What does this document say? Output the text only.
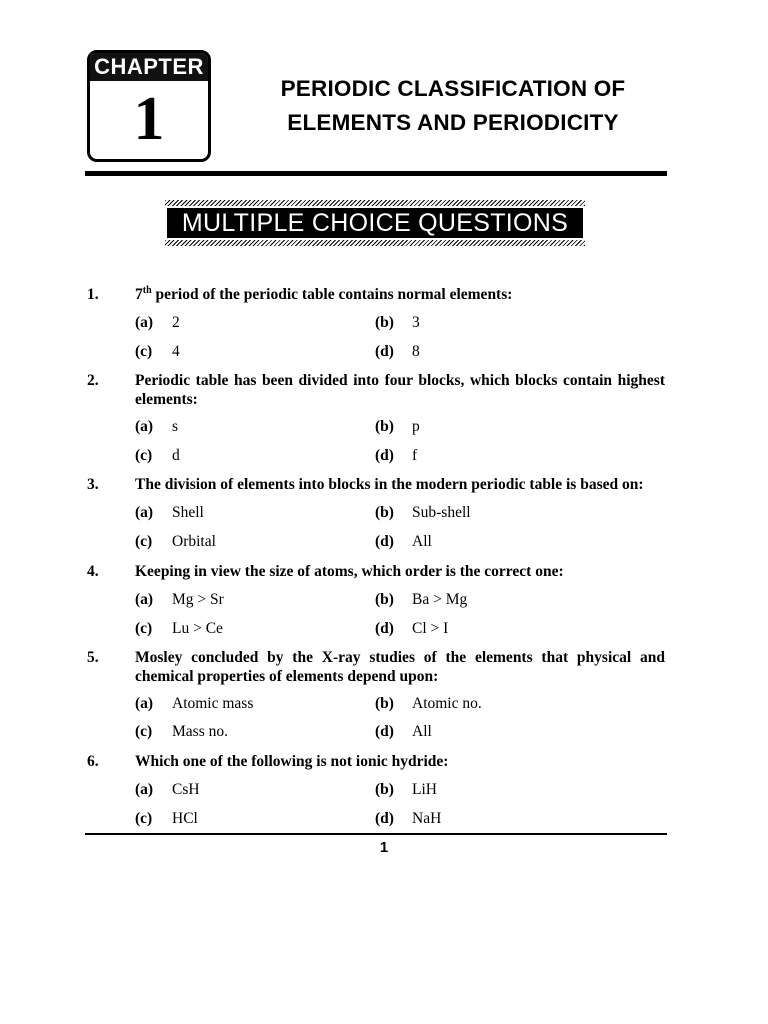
CHAPTER
1	PERIODIC CLASSIFICATION OF
ELEMENTS AND PERIODICITY
MULTIPLE CHOICE QUESTIONS
1. 7th period of the periodic table contains normal elements:
(a) 2	(b) 3
(c) 4	(d) 8
2. Periodic table has been divided into four blocks, which blocks contain highest elements:
(a) s	(b) p
(c) d	(d) f
3. The division of elements into blocks in the modern periodic table is based on:
(a) Shell	(b) Sub-shell
(c) Orbital	(d) All
4. Keeping in view the size of atoms, which order is the correct one:
(a) Mg > Sr	(b) Ba > Mg
(c) Lu > Ce	(d) Cl > I
5. Mosley concluded by the X-ray studies of the elements that physical and chemical properties of elements depend upon:
(a) Atomic mass	(b) Atomic no.
(c) Mass no.	(d) All
6. Which one of the following is not ionic hydride:
(a) CsH	(b) LiH
(c) HCl	(d) NaH
1
